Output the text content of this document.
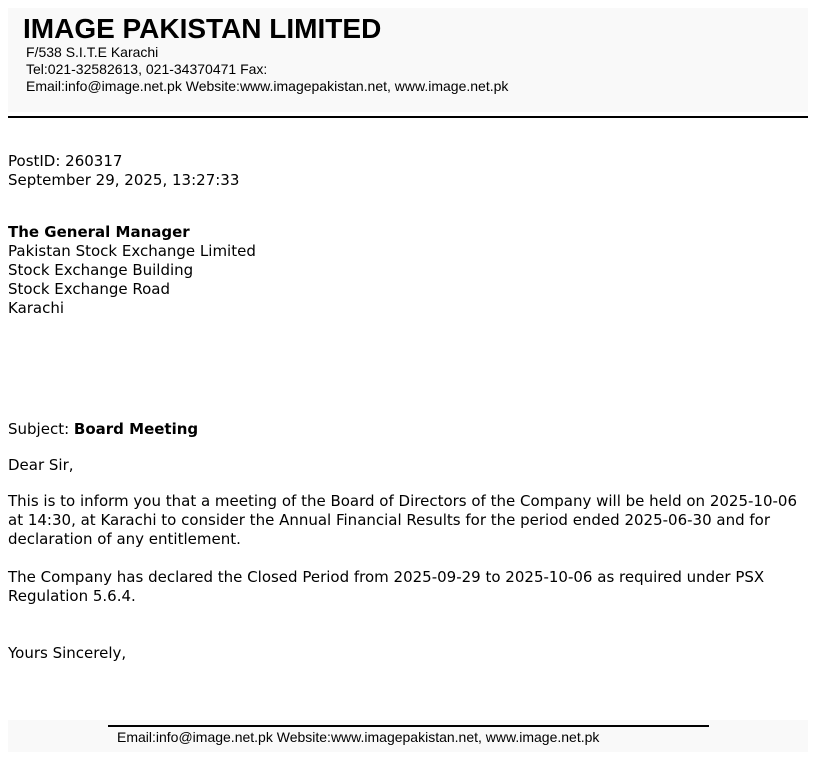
IMAGE PAKISTAN LIMITED
F/538 S.I.T.E Karachi
Tel:021-32582613, 021-34370471 Fax:
Email:info@image.net.pk Website:www.imagepakistan.net, www.image.net.pk
PostID: 260317
September 29, 2025, 13:27:33
The General Manager
Pakistan Stock Exchange Limited
Stock Exchange Building
Stock Exchange Road
Karachi
Subject: Board Meeting
Dear Sir,
This is to inform you that a meeting of the Board of Directors of the Company will be held on 2025-10-06 at 14:30, at Karachi to consider the Annual Financial Results for the period ended 2025-06-30 and for declaration of any entitlement.
The Company has declared the Closed Period from 2025-09-29 to 2025-10-06 as required under PSX Regulation 5.6.4.
Yours Sincerely,
Email:info@image.net.pk Website:www.imagepakistan.net, www.image.net.pk
